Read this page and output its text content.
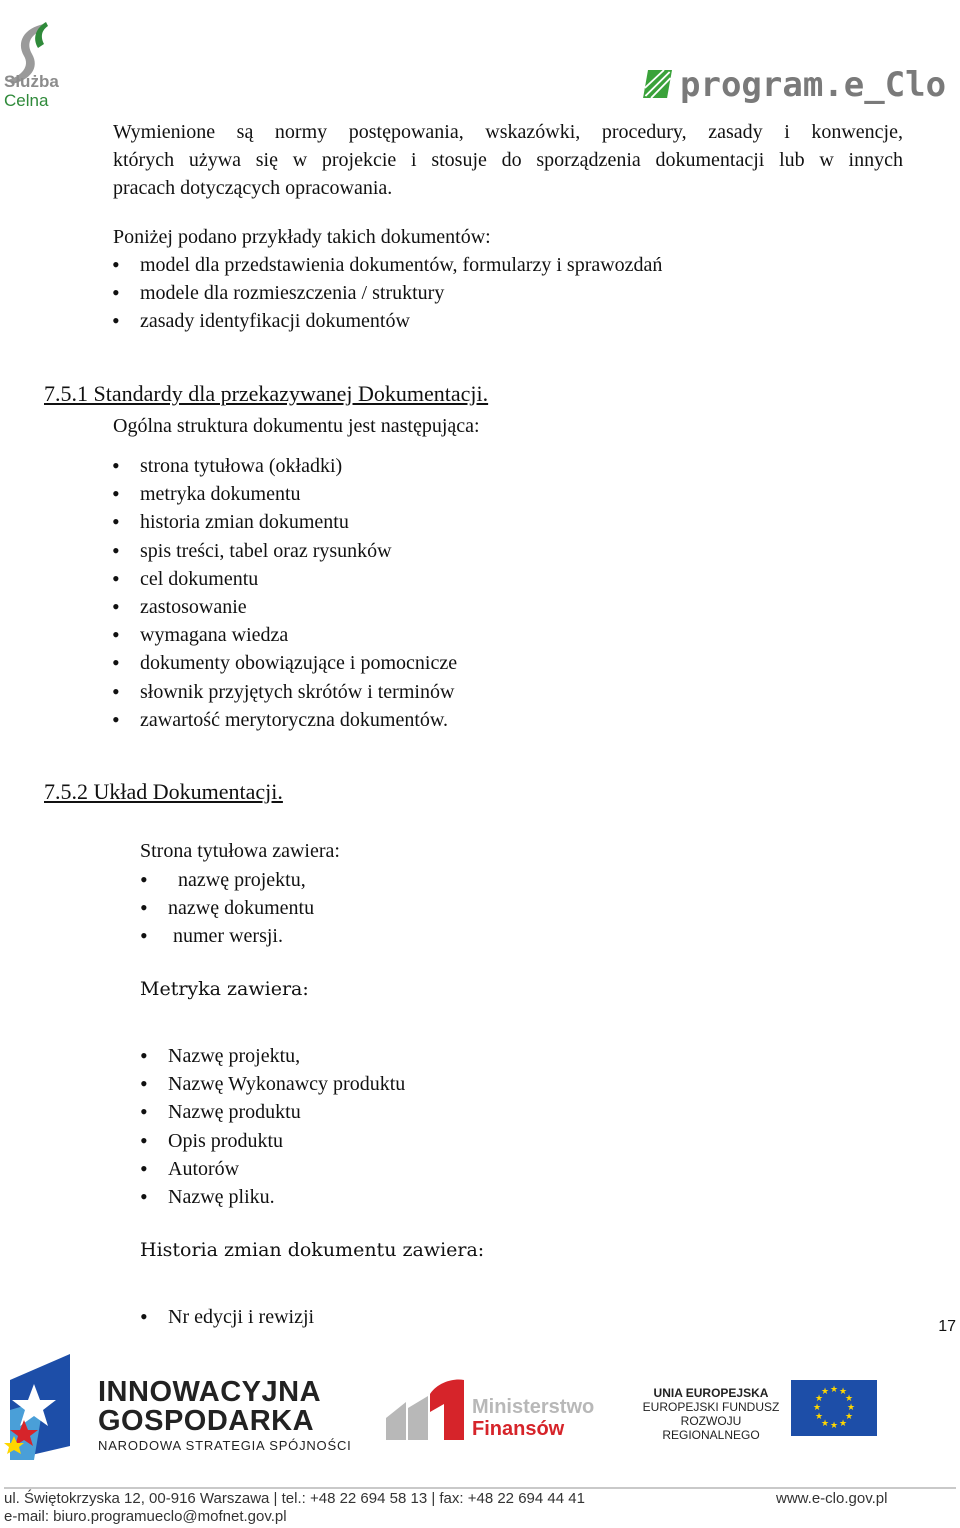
Służba
Celna	program.e_Clo
Wymienione są normy postępowania, wskazówki, procedury, zasady i konwencje,
których używa się w projekcie i stosuje do sporządzenia dokumentacji lub w innych
pracach dotyczących opracowania.
Poniżej podano przykłady takich dokumentów:
• model dla przedstawienia dokumentów, formularzy i sprawozdań
• modele dla rozmieszczenia / struktury
• zasady identyfikacji dokumentów
7.5.1 Standardy dla przekazywanej Dokumentacji.
Ogólna struktura dokumentu jest następująca:
• strona tytułowa (okładki)
• metryka dokumentu
• historia zmian dokumentu
• spis treści, tabel oraz rysunków
• cel dokumentu
• zastosowanie
• wymagana wiedza
• dokumenty obowiązujące i pomocnicze
• słownik przyjętych skrótów i terminów
• zawartość merytoryczna dokumentów.
7.5.2 Układ Dokumentacji.
Strona tytułowa zawiera:
• nazwę projektu,
• nazwę dokumentu
• numer wersji.
Metryka zawiera:
• Nazwę projektu,
• Nazwę Wykonawcy produktu
• Nazwę produktu
• Opis produktu
• Autorów
• Nazwę pliku.
Historia zmian dokumentu zawiera:
• Nr edycji i rewizji	17
INNOWACYJNA
GOSPODARKA
NARODOWA STRATEGIA SPÓJNOŚCI
Ministerstwo
Finansów
UNIA EUROPEJSKA
EUROPEJSKI FUNDUSZ
ROZWOJU REGIONALNEGO
★ ★
★
★
★
★
★
★
★
★
★
★
ul. Świętokrzyska 12, 00-916 Warszawa | tel.: +48 22 694 58 13 | fax: +48 22 694 44 41	www.e-clo.gov.pl
e-mail: biuro.programueclo@mofnet.gov.pl
